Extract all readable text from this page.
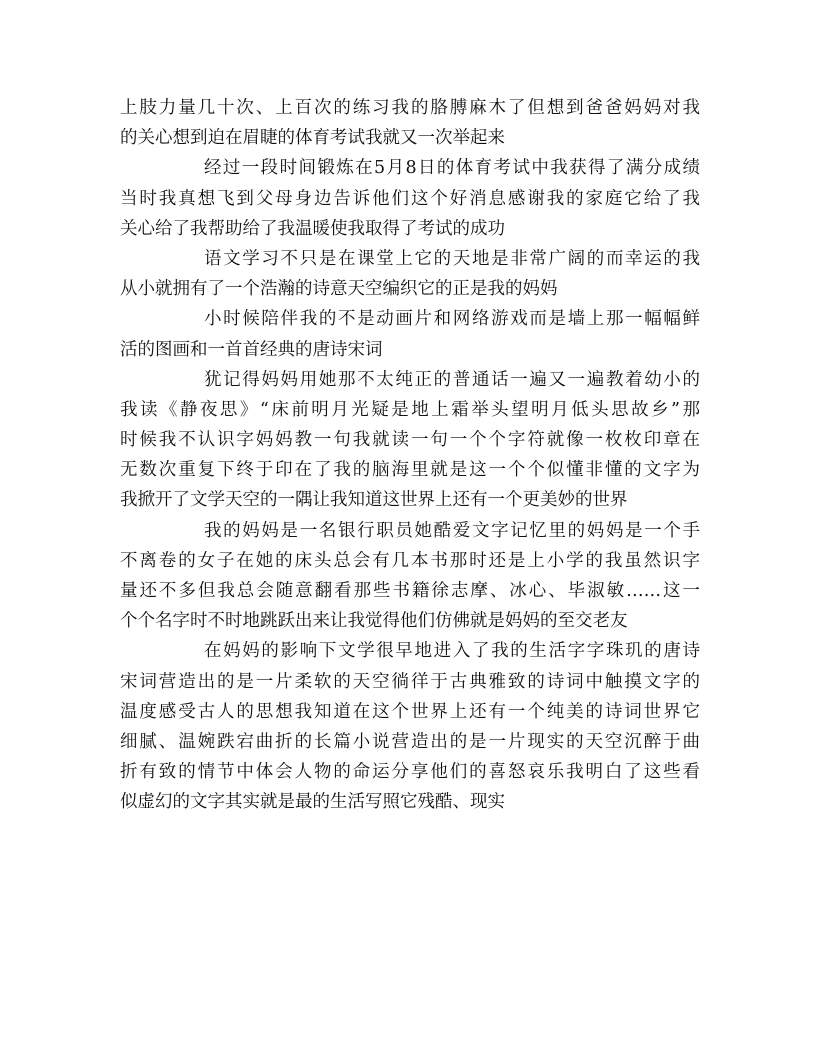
上肢力量几十次、上百次的练习我的胳膊麻木了但想到爸爸妈妈对我
的关心想到迫在眉睫的体育考试我就又一次举起来
经过一段时间锻炼在5月8日的体育考试中我获得了满分成绩
当时我真想飞到父母身边告诉他们这个好消息感谢我的家庭它给了我
关心给了我帮助给了我温暖使我取得了考试的成功
语文学习不只是在课堂上它的天地是非常广阔的而幸运的我
从小就拥有了一个浩瀚的诗意天空编织它的正是我的妈妈
小时候陪伴我的不是动画片和网络游戏而是墙上那一幅幅鲜
活的图画和一首首经典的唐诗宋词
犹记得妈妈用她那不太纯正的普通话一遍又一遍教着幼小的
我读《静夜思》“床前明月光疑是地上霜举头望明月低头思故乡”那
时候我不认识字妈妈教一句我就读一句一个个字符就像一枚枚印章在
无数次重复下终于印在了我的脑海里就是这一个个似懂非懂的文字为
我掀开了文学天空的一隅让我知道这世界上还有一个更美妙的世界
我的妈妈是一名银行职员她酷爱文字记忆里的妈妈是一个手
不离卷的女子在她的床头总会有几本书那时还是上小学的我虽然识字
量还不多但我总会随意翻看那些书籍徐志摩、冰心、毕淑敏……这一
个个名字时不时地跳跃出来让我觉得他们仿佛就是妈妈的至交老友
在妈妈的影响下文学很早地进入了我的生活字字珠玑的唐诗
宋词营造出的是一片柔软的天空徜徉于古典雅致的诗词中触摸文字的
温度感受古人的思想我知道在这个世界上还有一个纯美的诗词世界它
细腻、温婉跌宕曲折的长篇小说营造出的是一片现实的天空沉醉于曲
折有致的情节中体会人物的命运分享他们的喜怒哀乐我明白了这些看
似虚幻的文字其实就是最的生活写照它残酷、现实
